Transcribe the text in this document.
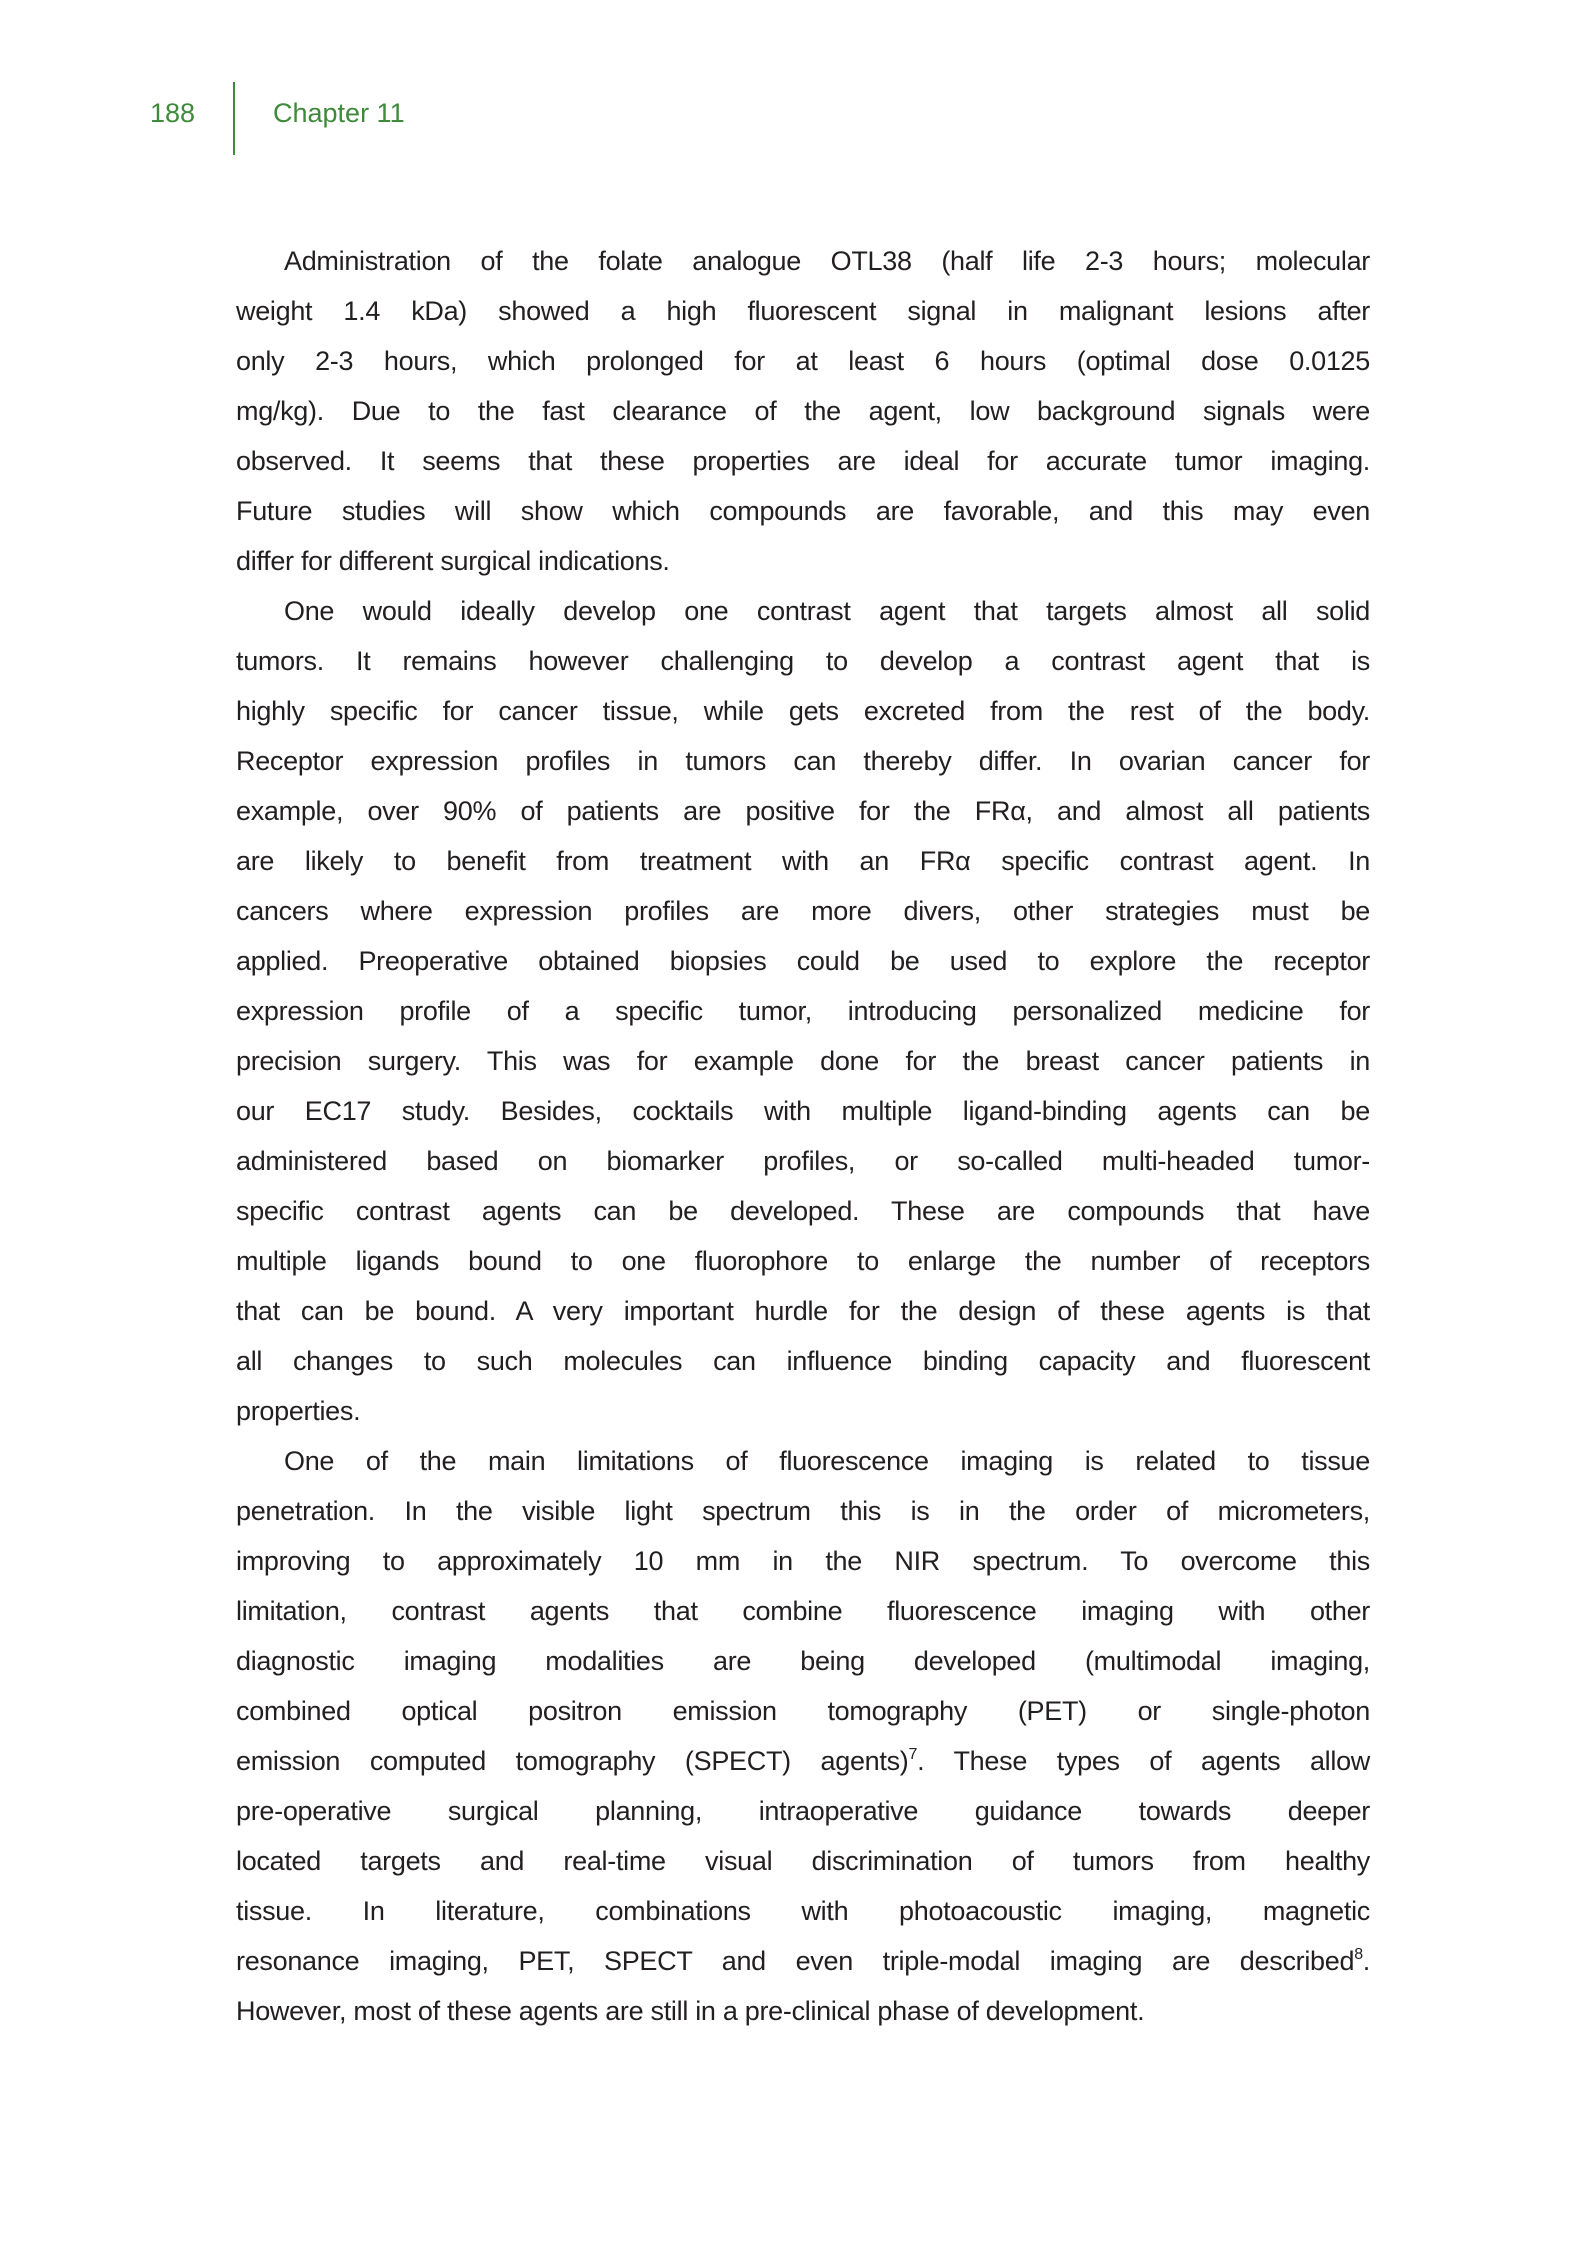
188	Chapter 11
Administration of the folate analogue OTL38 (half life 2-3 hours; molecular
weight 1.4 kDa) showed a high fluorescent signal in malignant lesions after
only 2-3 hours, which prolonged for at least 6 hours (optimal dose 0.0125
mg/kg). Due to the fast clearance of the agent, low background signals were
observed. It seems that these properties are ideal for accurate tumor imaging.
Future studies will show which compounds are favorable, and this may even
differ for different surgical indications.
One would ideally develop one contrast agent that targets almost all solid
tumors. It remains however challenging to develop a contrast agent that is
highly specific for cancer tissue, while gets excreted from the rest of the body.
Receptor expression profiles in tumors can thereby differ. In ovarian cancer for
example, over 90% of patients are positive for the FRα, and almost all patients
are likely to benefit from treatment with an FRα specific contrast agent. In
cancers where expression profiles are more divers, other strategies must be
applied. Preoperative obtained biopsies could be used to explore the receptor
expression profile of a specific tumor, introducing personalized medicine for
precision surgery. This was for example done for the breast cancer patients in
our EC17 study. Besides, cocktails with multiple ligand-binding agents can be
administered based on biomarker profiles, or so-called multi-headed tumor-
specific contrast agents can be developed. These are compounds that have
multiple ligands bound to one fluorophore to enlarge the number of receptors
that can be bound. A very important hurdle for the design of these agents is that
all changes to such molecules can influence binding capacity and fluorescent
properties.
One of the main limitations of fluorescence imaging is related to tissue
penetration. In the visible light spectrum this is in the order of micrometers,
improving to approximately 10 mm in the NIR spectrum. To overcome this
limitation, contrast agents that combine fluorescence imaging with other
diagnostic imaging modalities are being developed (multimodal imaging,
combined optical positron emission tomography (PET) or single-photon
emission computed tomography (SPECT) agents)$^7$. These types of agents allow
pre-operative surgical planning, intraoperative guidance towards deeper
located targets and real-time visual discrimination of tumors from healthy
tissue. In literature, combinations with photoacoustic imaging, magnetic
resonance imaging, PET, SPECT and even triple-modal imaging are described$^8$.
However, most of these agents are still in a pre-clinical phase of development.
